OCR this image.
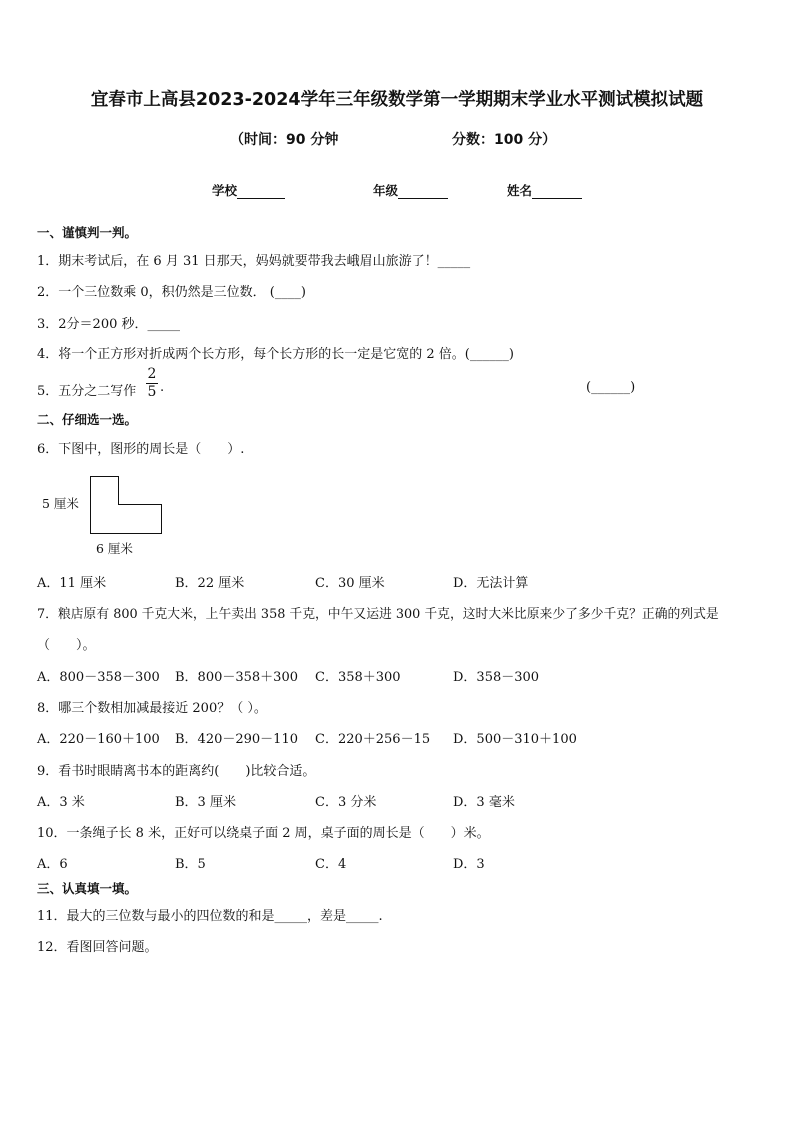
宜春市上高县2023-2024学年三年级数学第一学期期末学业水平测试模拟试题
（时间：90 分钟	分数：100 分）
学校	年级	姓名
一、谨慎判一判。
1．期末考试后，在 6 月 31 日那天，妈妈就要带我去峨眉山旅游了！_____
2．一个三位数乘 0，积仍然是三位数． (____)
3．2分＝200 秒．_____
4．将一个正方形对折成两个长方形，每个长方形的长一定是它宽的 2 倍。(______)
5．五分之二写作
2
5 .	(______)
二、仔细选一选。
6．下图中，图形的周长是（　　）.
5 厘米
6 厘米
A．11 厘米	B．22 厘米	C．30 厘米	D．无法计算
7．粮店原有 800 千克大米，上午卖出 358 千克，中午又运进 300 千克，这时大米比原来少了多少千克？正确的列式是
（　　）。
A．800－358－300 B．800－358＋300 C．358＋300	D．358－300
8．哪三个数相加减最接近 200？（ ）。
A．220－160＋100 B．420－290－110 C．220＋256－15 D．500－310＋100
9．看书时眼睛离书本的距离约(　　)比较合适。
A．3 米	B．3 厘米	C．3 分米	D．3 毫米
10．一条绳子长 8 米，正好可以绕桌子面 2 周，桌子面的周长是（　　）米。
A．6	B．5	C．4	D．3
三、认真填一填。
11．最大的三位数与最小的四位数的和是_____，差是_____.
12．看图回答问题。
